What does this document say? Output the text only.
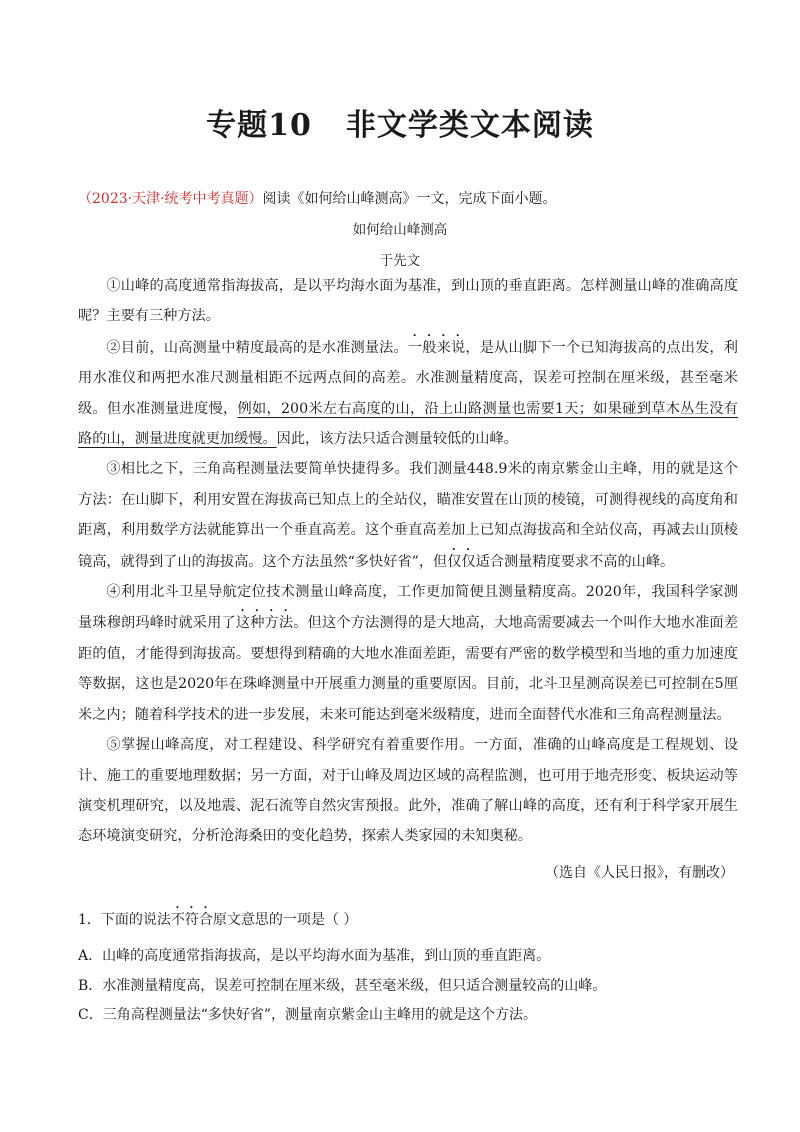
专题10 非文学类文本阅读
（2023·天津·统考中考真题）阅读《如何给山峰测高》一文，完成下面小题。
如何给山峰测高
于先文

①山峰的高度通常指海拔高，是以平均海水面为基准，到山顶的垂直距离。怎样测量山峰的准确高度呢？主要有三种方法。

②目前，山高测量中精度最高的是水准测量法。一般来说，是从山脚下一个已知海拔高的点出发，利用水准仪和两把水准尺测量相距不远两点间的高差。水准测量精度高，误差可控制在厘米级，甚至毫米级。但水准测量进度慢，例如，200米左右高度的山，沿上山路测量也需要1天；如果碰到草木丛生没有路的山，测量进度就更加缓慢。因此，该方法只适合测量较低的山峰。

③相比之下，三角高程测量法要简单快捷得多。我们测量448.9米的南京紫金山主峰，用的就是这个方法：在山脚下，利用安置在海拔高已知点上的全站仪，瞄准安置在山顶的棱镜，可测得视线的高度角和距离，利用数学方法就能算出一个垂直高差。这个垂直高差加上已知点海拔高和全站仪高，再减去山顶棱镜高，就得到了山的海拔高。这个方法虽然“多快好省”，但仅仅适合测量精度要求不高的山峰。

④利用北斗卫星导航定位技术测量山峰高度，工作更加简便且测量精度高。2020年，我国科学家测量珠穆朗玛峰时就采用了这种方法。但这个方法测得的是大地高，大地高需要减去一个叫作大地水准面差距的值，才能得到海拔高。要想得到精确的大地水准面差距，需要有严密的数学模型和当地的重力加速度等数据，这也是2020年在珠峰测量中开展重力测量的重要原因。目前，北斗卫星测高误差已可控制在5厘米之内；随着科学技术的进一步发展，未来可能达到毫米级精度，进而全面替代水准和三角高程测量法。

⑤掌握山峰高度，对工程建设、科学研究有着重要作用。一方面，准确的山峰高度是工程规划、设计、施工的重要地理数据；另一方面，对于山峰及周边区域的高程监测，也可用于地壳形变、板块运动等演变机理研究，以及地震、泥石流等自然灾害预报。此外，准确了解山峰的高度，还有利于科学家开展生态环境演变研究，分析沧海桑田的变化趋势，探索人类家园的未知奥秘。

（选自《人民日报》，有删改）
1．下面的说法不符合原文意思的一项是（ ）
A．山峰的高度通常指海拔高，是以平均海水面为基准，到山顶的垂直距离。
B．水准测量精度高，误差可控制在厘米级，甚至毫米级，但只适合测量较高的山峰。
C．三角高程测量法“多快好省”，测量南京紫金山主峰用的就是这个方法。
